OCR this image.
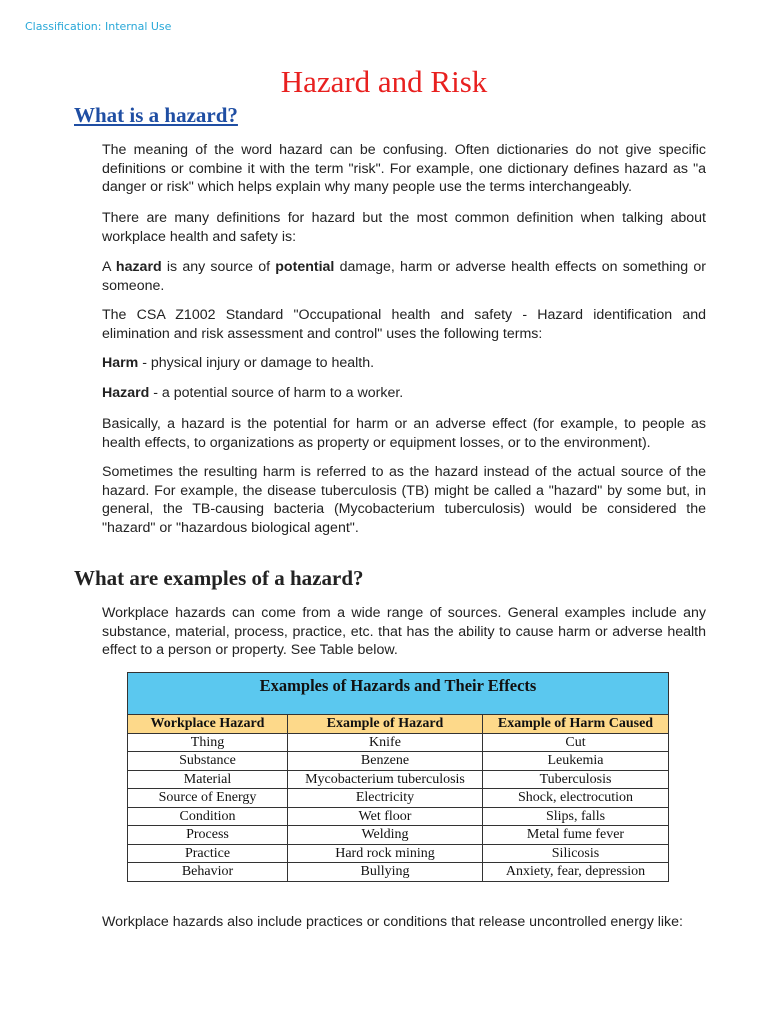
Classification: Internal Use
Hazard and Risk
What is a hazard?

The meaning of the word hazard can be confusing. Often dictionaries do not give specific definitions or combine it with the term "risk". For example, one dictionary defines hazard as "a danger or risk" which helps explain why many people use the terms interchangeably.

There are many definitions for hazard but the most common definition when talking about workplace health and safety is:

A hazard is any source of potential damage, harm or adverse health effects on something or someone.

The CSA Z1002 Standard "Occupational health and safety - Hazard identification and elimination and risk assessment and control" uses the following terms:

Harm - physical injury or damage to health.

Hazard - a potential source of harm to a worker.

Basically, a hazard is the potential for harm or an adverse effect (for example, to people as health effects, to organizations as property or equipment losses, or to the environment).

Sometimes the resulting harm is referred to as the hazard instead of the actual source of the hazard. For example, the disease tuberculosis (TB) might be called a "hazard" by some but, in general, the TB-causing bacteria (Mycobacterium tuberculosis) would be considered the "hazard" or "hazardous biological agent".

What are examples of a hazard?

Workplace hazards can come from a wide range of sources. General examples include any substance, material, process, practice, etc. that has the ability to cause harm or adverse health effect to a person or property. See Table below.

Examples of Hazards and Their Effects		
Workplace Hazard	Example of Hazard	Example of Harm Caused
Thing	Knife	Cut
Substance	Benzene	Leukemia
Material	Mycobacterium tuberculosis	Tuberculosis
Source of Energy	Electricity	Shock, electrocution
Condition	Wet floor	Slips, falls
Process	Welding	Metal fume fever
Practice	Hard rock mining	Silicosis
Behavior	Bullying	Anxiety, fear, depression

Workplace hazards also include practices or conditions that release uncontrolled energy like:
